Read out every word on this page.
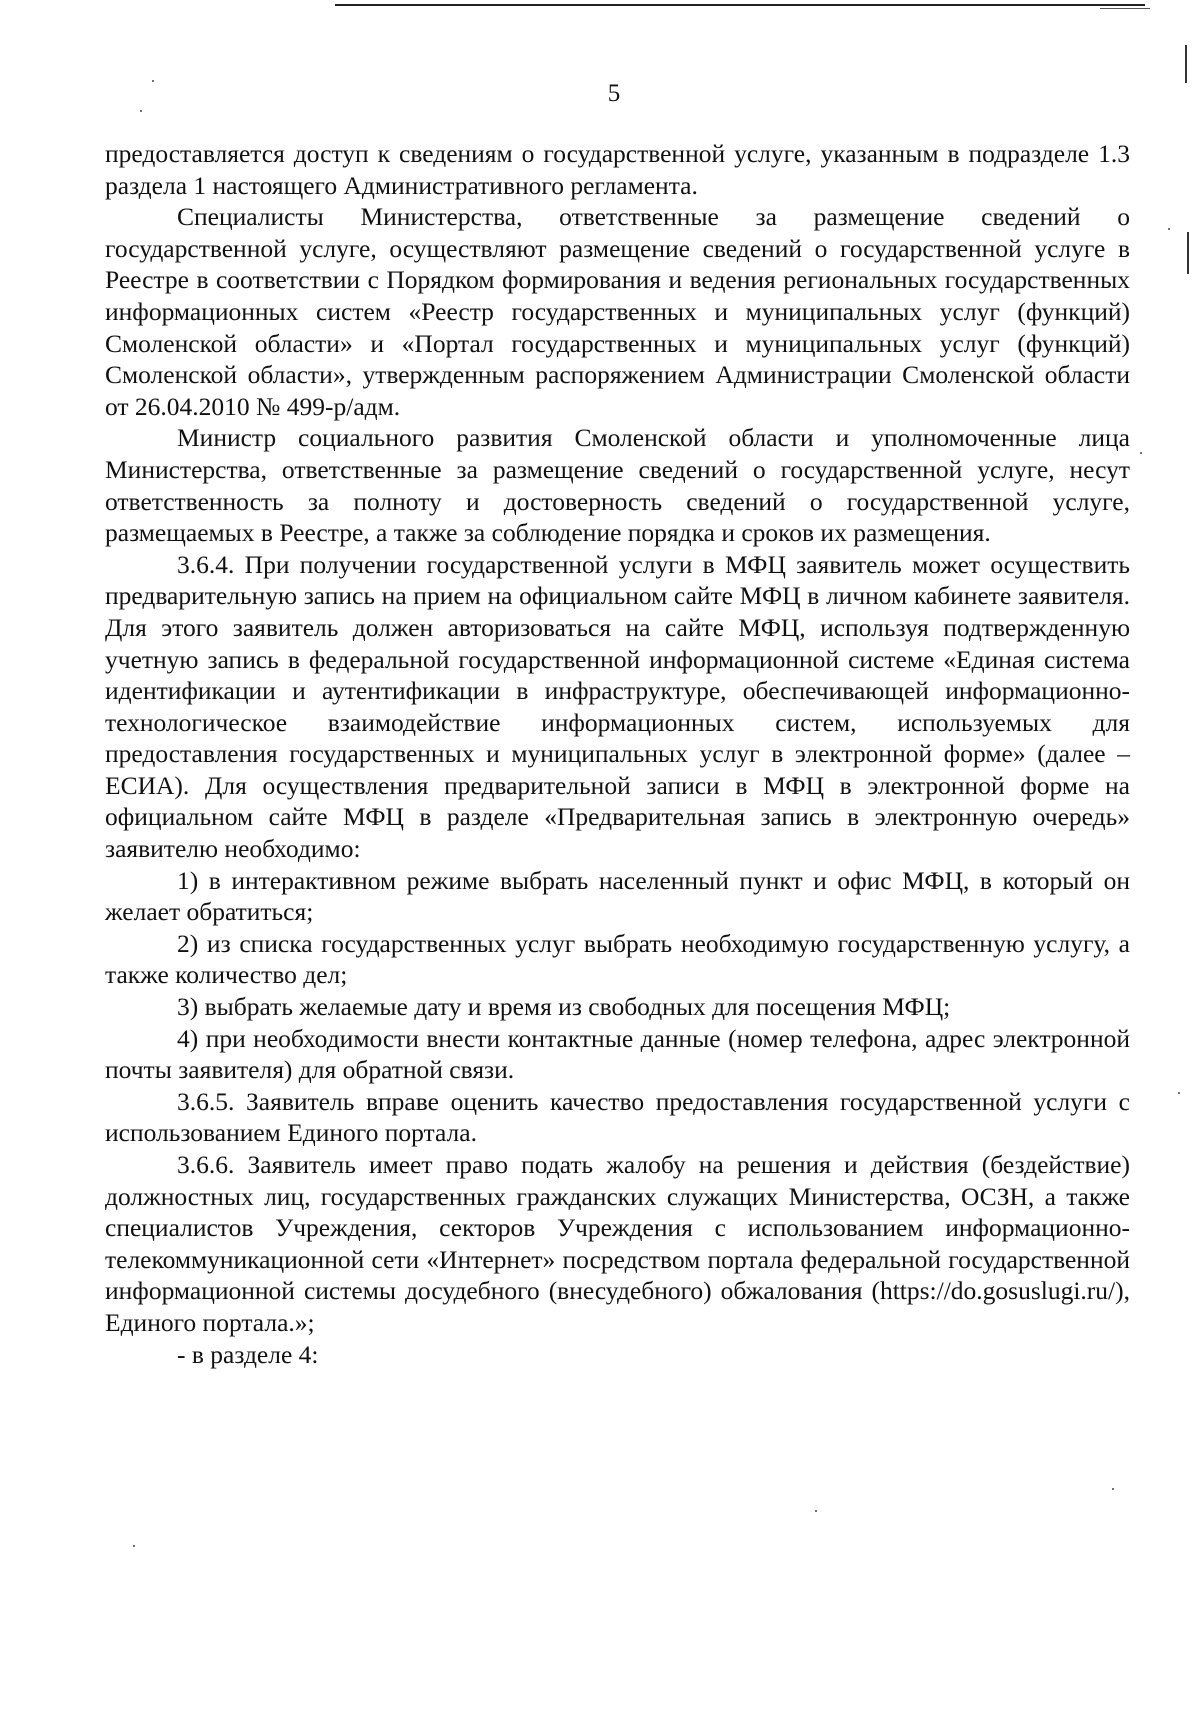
5

предоставляется доступ к сведениям о государственной услуге, указанным в подразделе 1.3 раздела 1 настоящего Административного регламента.

Специалисты Министерства, ответственные за размещение сведений о государственной услуге, осуществляют размещение сведений о государственной услуге в Реестре в соответствии с Порядком формирования и ведения региональных государственных информационных систем «Реестр государственных и муниципальных услуг (функций) Смоленской области» и «Портал государственных и муниципальных услуг (функций) Смоленской области», утвержденным распоряжением Администрации Смоленской области от 26.04.2010 № 499-р/адм.

Министр социального развития Смоленской области и уполномоченные лица Министерства, ответственные за размещение сведений о государственной услуге, несут ответственность за полноту и достоверность сведений о государственной услуге, размещаемых в Реестре, а также за соблюдение порядка и сроков их размещения.

3.6.4. При получении государственной услуги в МФЦ заявитель может осуществить предварительную запись на прием на официальном сайте МФЦ в личном кабинете заявителя. Для этого заявитель должен авторизоваться на сайте МФЦ, используя подтвержденную учетную запись в федеральной государственной информационной системе «Единая система идентификации и аутентификации в инфраструктуре, обеспечивающей информационно-технологическое взаимодействие информационных систем, используемых для предоставления государственных и муниципальных услуг в электронной форме» (далее – ЕСИА). Для осуществления предварительной записи в МФЦ в электронной форме на официальном сайте МФЦ в разделе «Предварительная запись в электронную очередь» заявителю необходимо:

1) в интерактивном режиме выбрать населенный пункт и офис МФЦ, в который он желает обратиться;

2) из списка государственных услуг выбрать необходимую государственную услугу, а также количество дел;

3) выбрать желаемые дату и время из свободных для посещения МФЦ;

4) при необходимости внести контактные данные (номер телефона, адрес электронной почты заявителя) для обратной связи.

3.6.5. Заявитель вправе оценить качество предоставления государственной услуги с использованием Единого портала.

3.6.6. Заявитель имеет право подать жалобу на решения и действия (бездействие) должностных лиц, государственных гражданских служащих Министерства, ОСЗН, а также специалистов Учреждения, секторов Учреждения с использованием информационно-телекоммуникационной сети «Интернет» посредством портала федеральной государственной информационной системы досудебного (внесудебного) обжалования (https://do.gosuslugi.ru/), Единого портала.»;

- в разделе 4:
